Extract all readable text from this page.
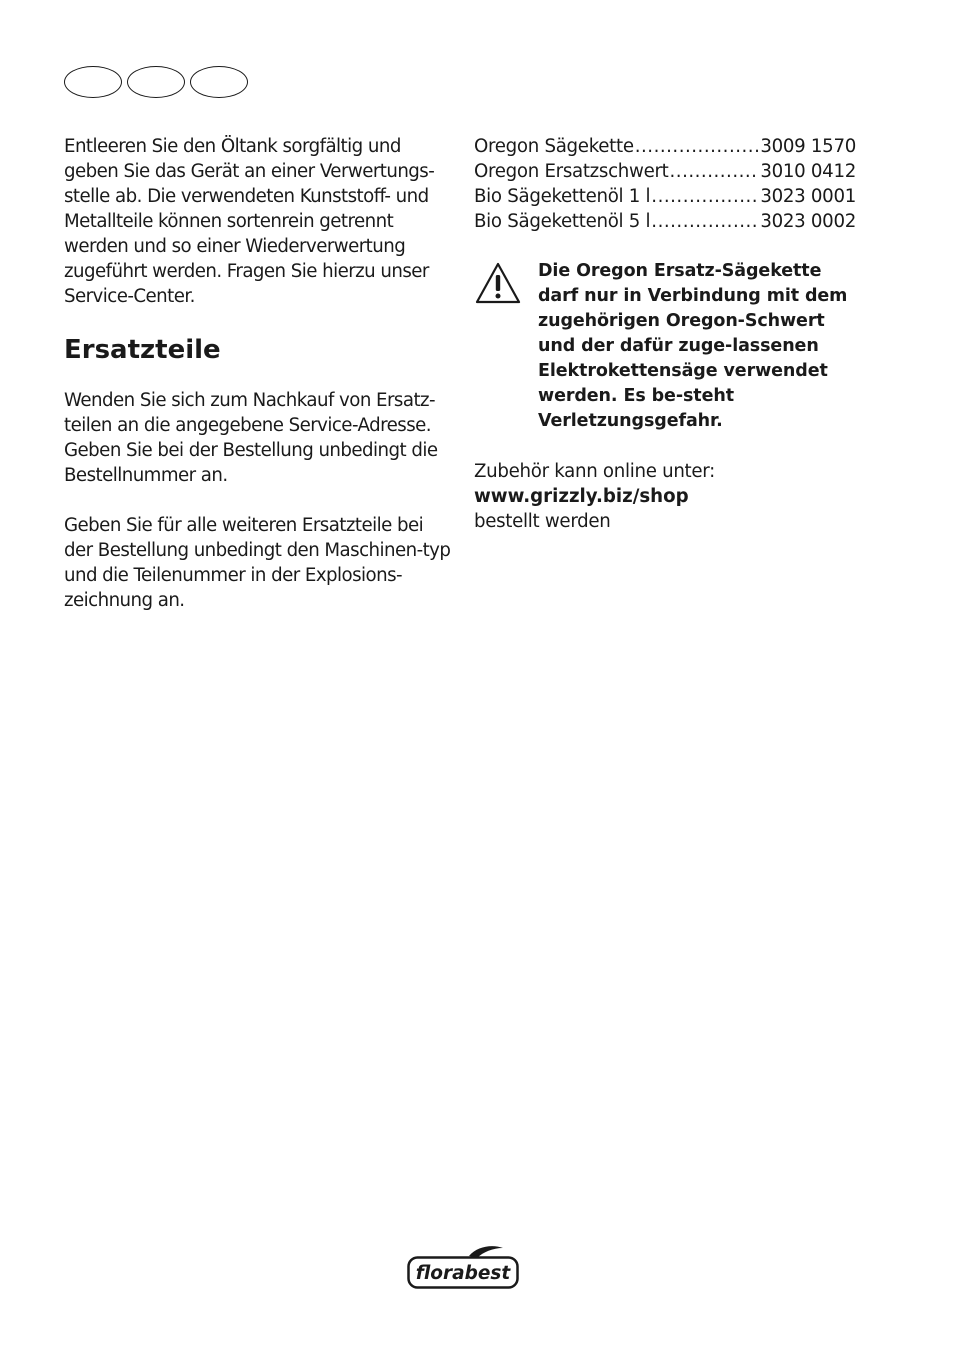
Entleeren Sie den Öltank sorgfältig und geben Sie das Gerät an einer Verwertungs-stelle ab. Die verwendeten Kunststoff- und Metallteile können sortenrein getrennt werden und so einer Wiederverwertung zugeführt werden. Fragen Sie hierzu unser Service-Center.

Ersatzteile

Wenden Sie sich zum Nachkauf von Ersatz-teilen an die angegebene Service-Adresse. Geben Sie bei der Bestellung unbedingt die Bestellnummer an.

Geben Sie für alle weiteren Ersatzteile bei der Bestellung unbedingt den Maschinen-typ und die Teilenummer in der Explosions-zeichnung an.

Oregon Sägekette .....	3009 1570
Oregon Ersatzschwert .....	3010 0412
Bio Sägekettenöl 1 l .....	3023 0001
Bio Sägekettenöl 5 l .....	3023 0002
Die Oregon Ersatz-Sägekette darf nur in Verbindung mit dem zugehörigen Oregon-Schwert und der dafür zuge-lassenen Elektrokettensäge verwendet werden. Es be-steht Verletzungsgefahr.

Zubehör kann online unter:

www.grizzly.biz/shop

bestellt werden

florabest
